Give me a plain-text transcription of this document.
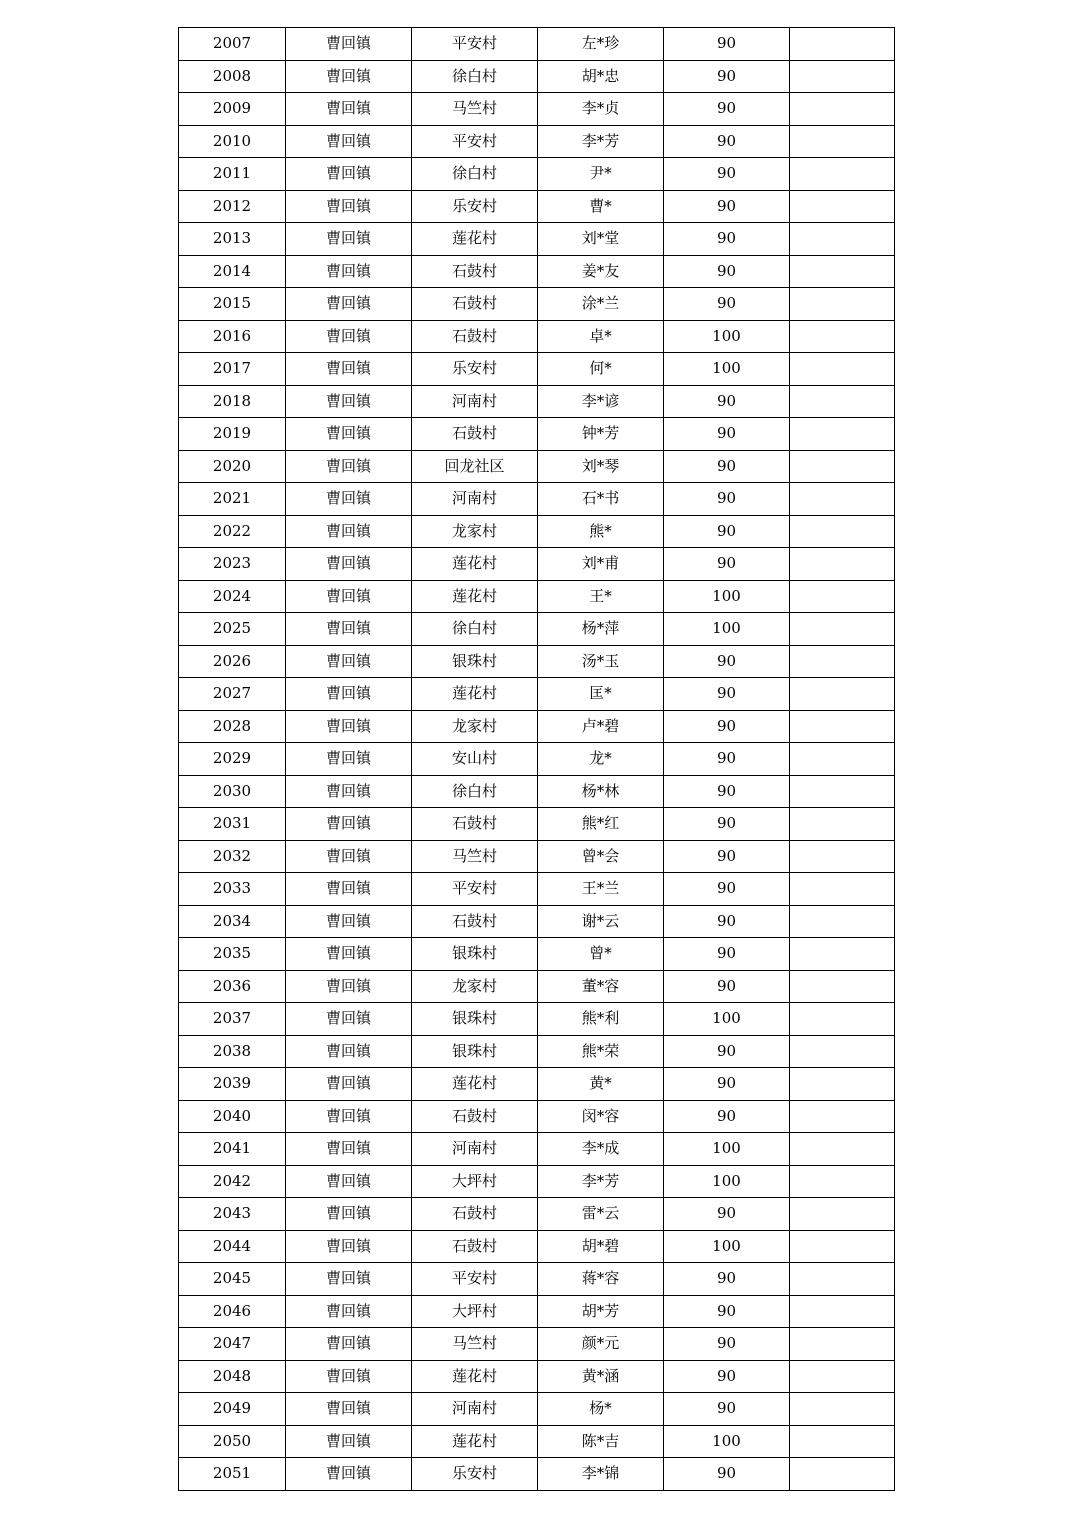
2007	曹回镇	平安村	左*珍	90	
2008	曹回镇	徐白村	胡*忠	90	
2009	曹回镇	马竺村	李*贞	90	
2010	曹回镇	平安村	李*芳	90	
2011	曹回镇	徐白村	尹*	90	
2012	曹回镇	乐安村	曹*	90	
2013	曹回镇	莲花村	刘*堂	90	
2014	曹回镇	石鼓村	姜*友	90	
2015	曹回镇	石鼓村	涂*兰	90	
2016	曹回镇	石鼓村	卓*	100	
2017	曹回镇	乐安村	何*	100	
2018	曹回镇	河南村	李*谚	90	
2019	曹回镇	石鼓村	钟*芳	90	
2020	曹回镇	回龙社区	刘*琴	90	
2021	曹回镇	河南村	石*书	90	
2022	曹回镇	龙家村	熊*	90	
2023	曹回镇	莲花村	刘*甫	90	
2024	曹回镇	莲花村	王*	100	
2025	曹回镇	徐白村	杨*萍	100	
2026	曹回镇	银珠村	汤*玉	90	
2027	曹回镇	莲花村	匡*	90	
2028	曹回镇	龙家村	卢*碧	90	
2029	曹回镇	安山村	龙*	90	
2030	曹回镇	徐白村	杨*林	90	
2031	曹回镇	石鼓村	熊*红	90	
2032	曹回镇	马竺村	曾*会	90	
2033	曹回镇	平安村	王*兰	90	
2034	曹回镇	石鼓村	谢*云	90	
2035	曹回镇	银珠村	曾*	90	
2036	曹回镇	龙家村	董*容	90	
2037	曹回镇	银珠村	熊*利	100	
2038	曹回镇	银珠村	熊*荣	90	
2039	曹回镇	莲花村	黄*	90	
2040	曹回镇	石鼓村	闵*容	90	
2041	曹回镇	河南村	李*成	100	
2042	曹回镇	大坪村	李*芳	100	
2043	曹回镇	石鼓村	雷*云	90	
2044	曹回镇	石鼓村	胡*碧	100	
2045	曹回镇	平安村	蒋*容	90	
2046	曹回镇	大坪村	胡*芳	90	
2047	曹回镇	马竺村	颜*元	90	
2048	曹回镇	莲花村	黄*涵	90	
2049	曹回镇	河南村	杨*	90	
2050	曹回镇	莲花村	陈*吉	100	
2051	曹回镇	乐安村	李*锦	90	
